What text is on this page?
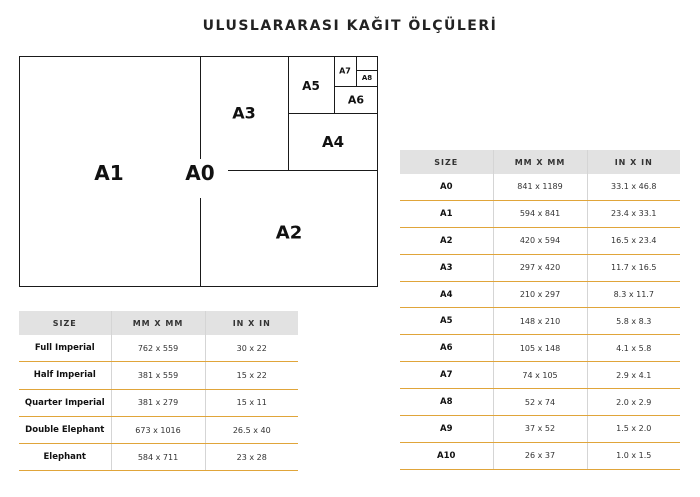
ULUSLARARASI KAĞIT ÖLÇÜLERİ
A1	A0
A2
A3
A4
A5
A6
A7
A8
SIZE	MM X MM	IN X IN
Full Imperial	762 x 559	30 x 22
Half Imperial	381 x 559	15 x 22
Quarter Imperial	381 x 279	15 x 11
Double Elephant	673 x 1016	26.5 x 40
Elephant	584 x 711	23 x 28
SIZE	MM X MM	IN X IN
A0	841 x 1189	33.1 x 46.8
A1	594 x 841	23.4 x 33.1
A2	420 x 594	16.5 x 23.4
A3	297 x 420	11.7 x 16.5
A4	210 x 297	8.3 x 11.7
A5	148 x 210	5.8 x 8.3
A6	105 x 148	4.1 x 5.8
A7	74 x 105	2.9 x 4.1
A8	52 x 74	2.0 x 2.9
A9	37 x 52	1.5 x 2.0
A10	26 x 37	1.0 x 1.5
